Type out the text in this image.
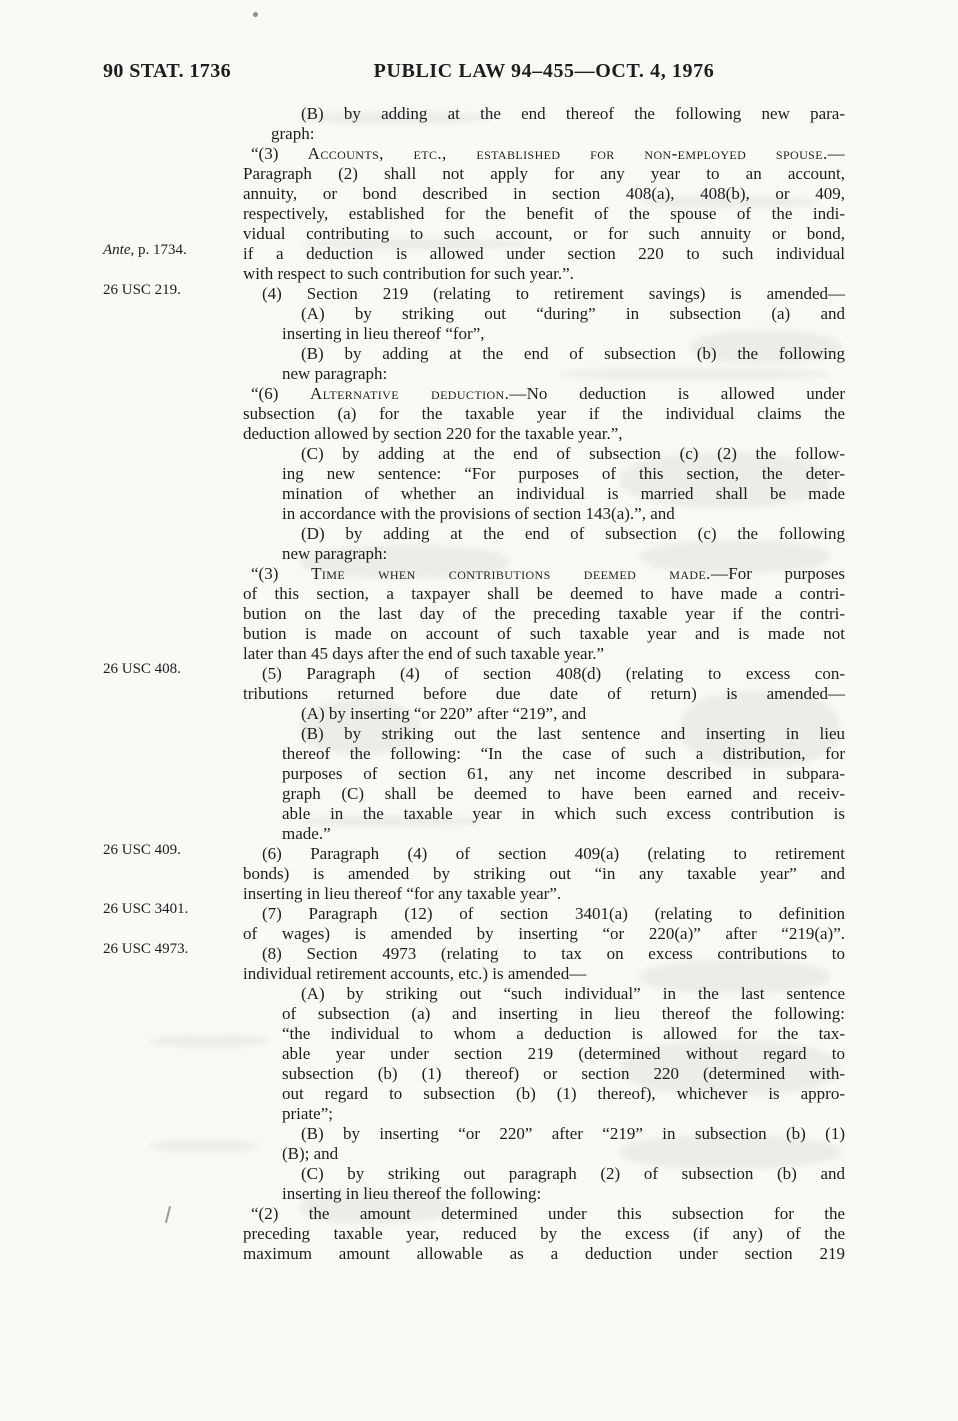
90 STAT. 1736	PUBLIC LAW 94–455—OCT. 4, 1976
Ante, p. 1734.
26 USC 219.
26 USC 408.
26 USC 409.
26 USC 3401.
26 USC 4973.
(B) by adding at the end thereof the following new para-
graph:
“(3) Accounts, etc., established for non-employed spouse.—
Paragraph (2) shall not apply for any year to an account,
annuity, or bond described in section 408(a), 408(b), or 409,
respectively, established for the benefit of the spouse of the indi-
vidual contributing to such account, or for such annuity or bond,
if a deduction is allowed under section 220 to such individual
with respect to such contribution for such year.”.
(4) Section 219 (relating to retirement savings) is amended—
(A) by striking out “during” in subsection (a) and
inserting in lieu thereof “for”,
(B) by adding at the end of subsection (b) the following
new paragraph:
“(6) Alternative deduction.—No deduction is allowed under
subsection (a) for the taxable year if the individual claims the
deduction allowed by section 220 for the taxable year.”,
(C) by adding at the end of subsection (c) (2) the follow-
ing new sentence: “For purposes of this section, the deter-
mination of whether an individual is married shall be made
in accordance with the provisions of section 143(a).”, and
(D) by adding at the end of subsection (c) the following
new paragraph:
“(3) Time when contributions deemed made.—For purposes
of this section, a taxpayer shall be deemed to have made a contri-
bution on the last day of the preceding taxable year if the contri-
bution is made on account of such taxable year and is made not
later than 45 days after the end of such taxable year.”
(5) Paragraph (4) of section 408(d) (relating to excess con-
tributions returned before due date of return) is amended—
(A) by inserting “or 220” after “219”, and
(B) by striking out the last sentence and inserting in lieu
thereof the following: “In the case of such a distribution, for
purposes of section 61, any net income described in subpara-
graph (C) shall be deemed to have been earned and receiv-
able in the taxable year in which such excess contribution is
made.”
(6) Paragraph (4) of section 409(a) (relating to retirement
bonds) is amended by striking out “in any taxable year” and
inserting in lieu thereof “for any taxable year”.
(7) Paragraph (12) of section 3401(a) (relating to definition
of wages) is amended by inserting “or 220(a)” after “219(a)”.
(8) Section 4973 (relating to tax on excess contributions to
individual retirement accounts, etc.) is amended—
(A) by striking out “such individual” in the last sentence
of subsection (a) and inserting in lieu thereof the following:
“the individual to whom a deduction is allowed for the tax-
able year under section 219 (determined without regard to
subsection (b) (1) thereof) or section 220 (determined with-
out regard to subsection (b) (1) thereof), whichever is appro-
priate”;
(B) by inserting “or 220” after “219” in subsection (b) (1)
(B); and
(C) by striking out paragraph (2) of subsection (b) and
inserting in lieu thereof the following:
“(2) the amount determined under this subsection for the
preceding taxable year, reduced by the excess (if any) of the
maximum amount allowable as a deduction under section 219
